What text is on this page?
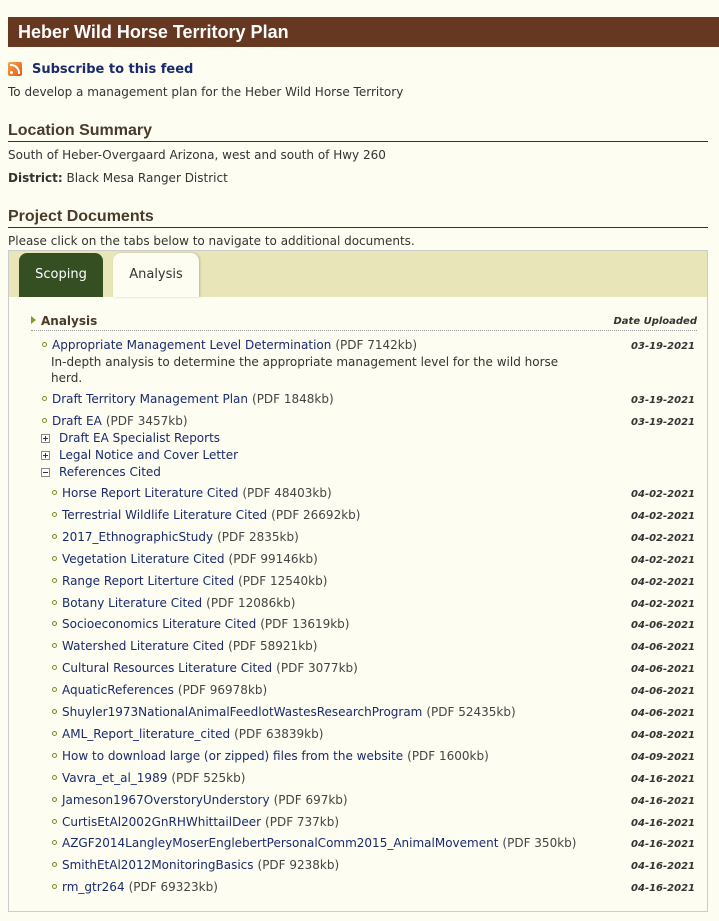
Heber Wild Horse Territory Plan
Subscribe to this feed
To develop a management plan for the Heber Wild Horse Territory
Location Summary
South of Heber-Overgaard Arizona, west and south of Hwy 260
District: Black Mesa Ranger District
Project Documents
Please click on the tabs below to navigate to additional documents.
Scoping	Analysis
Analysis	Date Uploaded
Appropriate Management Level Determination (PDF 7142kb)	03-19-2021
In-depth analysis to determine the appropriate management level for the wild horse herd.
Draft Territory Management Plan (PDF 1848kb)	03-19-2021
Draft EA (PDF 3457kb)	03-19-2021
Draft EA Specialist Reports
Legal Notice and Cover Letter
References Cited
Horse Report Literature Cited (PDF 48403kb)	04-02-2021
Terrestrial Wildlife Literature Cited (PDF 26692kb)	04-02-2021
2017_EthnographicStudy (PDF 2835kb)	04-02-2021
Vegetation Literature Cited (PDF 99146kb)	04-02-2021
Range Report Literture Cited (PDF 12540kb)	04-02-2021
Botany Literature Cited (PDF 12086kb)	04-02-2021
Socioeconomics Literature Cited (PDF 13619kb)	04-06-2021
Watershed Literature Cited (PDF 58921kb)	04-06-2021
Cultural Resources Literature Cited (PDF 3077kb)	04-06-2021
AquaticReferences (PDF 96978kb)	04-06-2021
Shuyler1973NationalAnimalFeedlotWastesResearchProgram (PDF 52435kb)	04-06-2021
AML_Report_literature_cited (PDF 63839kb)	04-08-2021
How to download large (or zipped) files from the website (PDF 1600kb)	04-09-2021
Vavra_et_al_1989 (PDF 525kb)	04-16-2021
Jameson1967OverstoryUnderstory (PDF 697kb)	04-16-2021
CurtisEtAl2002GnRHWhittailDeer (PDF 737kb)	04-16-2021
AZGF2014LangleyMoserEnglebertPersonalComm2015_AnimalMovement (PDF 350kb)	04-16-2021
SmithEtAl2012MonitoringBasics (PDF 9238kb)	04-16-2021
rm_gtr264 (PDF 69323kb)	04-16-2021
